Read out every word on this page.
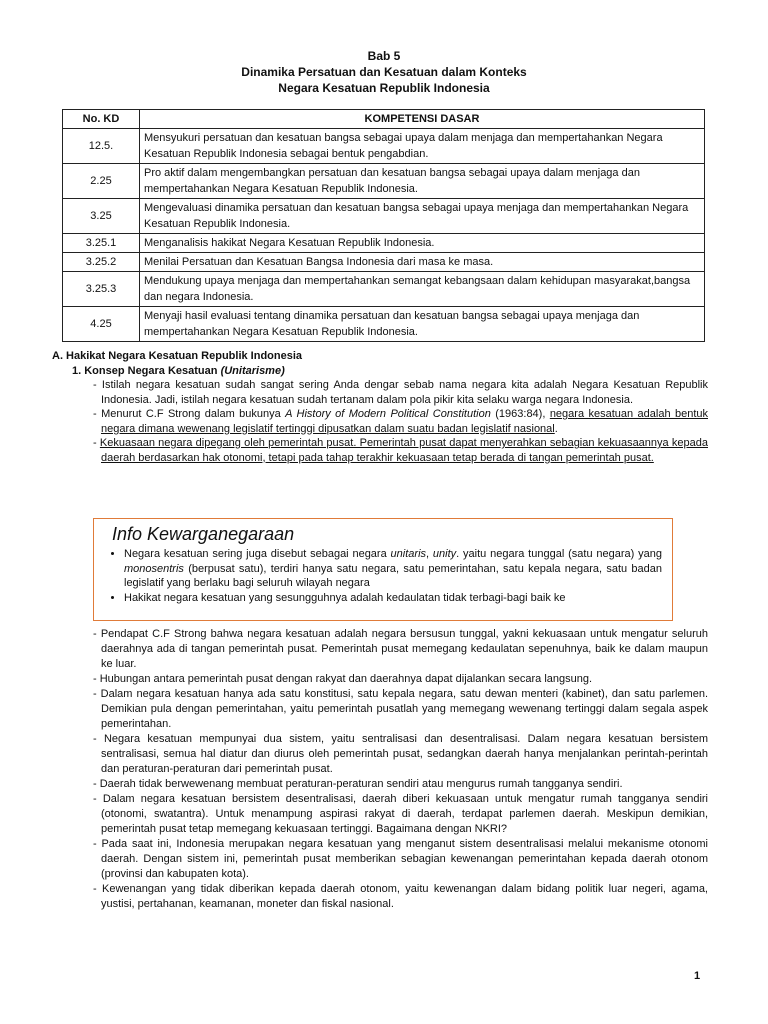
Bab 5
Dinamika Persatuan dan Kesatuan dalam Konteks
Negara Kesatuan Republik Indonesia
No. KD	KOMPETENSI DASAR
12.5.	Mensyukuri persatuan dan kesatuan bangsa sebagai upaya dalam menjaga dan mempertahankan Negara Kesatuan Republik Indonesia sebagai bentuk pengabdian.
2.25	Pro aktif dalam mengembangkan persatuan dan kesatuan bangsa sebagai upaya dalam menjaga dan mempertahankan Negara Kesatuan Republik Indonesia.
3.25	Mengevaluasi dinamika persatuan dan kesatuan bangsa sebagai upaya menjaga dan mempertahankan Negara Kesatuan Republik Indonesia.
3.25.1	Menganalisis hakikat Negara Kesatuan Republik Indonesia.
3.25.2	Menilai Persatuan dan Kesatuan Bangsa Indonesia dari masa ke masa.
3.25.3	Mendukung upaya menjaga dan mempertahankan semangat kebangsaan dalam kehidupan masyarakat,bangsa dan negara Indonesia.
4.25	Menyaji hasil evaluasi tentang dinamika persatuan dan kesatuan bangsa sebagai upaya menjaga dan mempertahankan Negara Kesatuan Republik Indonesia.
A. Hakikat Negara Kesatuan Republik Indonesia
1. Konsep Negara Kesatuan (Unitarisme)
- Istilah negara kesatuan sudah sangat sering Anda dengar sebab nama negara kita adalah Negara Kesatuan Republik Indonesia. Jadi, istilah negara kesatuan sudah tertanam dalam pola pikir kita selaku warga negara Indonesia.
- Menurut C.F Strong dalam bukunya A History of Modern Political Constitution (1963:84), negara kesatuan adalah bentuk negara dimana wewenang legislatif tertinggi dipusatkan dalam suatu badan legislatif nasional.
- Kekuasaan negara dipegang oleh pemerintah pusat. Pemerintah pusat dapat menyerahkan sebagian kekuasaannya kepada daerah berdasarkan hak otonomi, tetapi pada tahap terakhir kekuasaan tetap berada di tangan pemerintah pusat.
Info Kewarganegaraan
• Negara kesatuan sering juga disebut sebagai negara unitaris, unity. yaitu negara tunggal (satu negara) yang monosentris (berpusat satu), terdiri hanya satu negara, satu pemerintahan, satu kepala negara, satu badan legislatif yang berlaku bagi seluruh wilayah negara
• Hakikat negara kesatuan yang sesungguhnya adalah kedaulatan tidak terbagi-bagi baik ke
- Pendapat C.F Strong bahwa negara kesatuan adalah negara bersusun tunggal, yakni kekuasaan untuk mengatur seluruh daerahnya ada di tangan pemerintah pusat. Pemerintah pusat memegang kedaulatan sepenuhnya, baik ke dalam maupun ke luar.
- Hubungan antara pemerintah pusat dengan rakyat dan daerahnya dapat dijalankan secara langsung.
- Dalam negara kesatuan hanya ada satu konstitusi, satu kepala negara, satu dewan menteri (kabinet), dan satu parlemen. Demikian pula dengan pemerintahan, yaitu pemerintah pusatlah yang memegang wewenang tertinggi dalam segala aspek pemerintahan.
- Negara kesatuan mempunyai dua sistem, yaitu sentralisasi dan desentralisasi. Dalam negara kesatuan bersistem sentralisasi, semua hal diatur dan diurus oleh pemerintah pusat, sedangkan daerah hanya menjalankan perintah-perintah dan peraturan-peraturan dari pemerintah pusat.
- Daerah tidak berwewenang membuat peraturan-peraturan sendiri atau mengurus rumah tangganya sendiri.
- Dalam negara kesatuan bersistem desentralisasi, daerah diberi kekuasaan untuk mengatur rumah tangganya sendiri (otonomi, swatantra). Untuk menampung aspirasi rakyat di daerah, terdapat parlemen daerah. Meskipun demikian, pemerintah pusat tetap memegang kekuasaan tertinggi. Bagaimana dengan NKRI?
- Pada saat ini, Indonesia merupakan negara kesatuan yang menganut sistem desentralisasi melalui mekanisme otonomi daerah. Dengan sistem ini, pemerintah pusat memberikan sebagian kewenangan pemerintahan kepada daerah otonom (provinsi dan kabupaten kota).
- Kewenangan yang tidak diberikan kepada daerah otonom, yaitu kewenangan dalam bidang politik luar negeri, agama, yustisi, pertahanan, keamanan, moneter dan fiskal nasional.
1
